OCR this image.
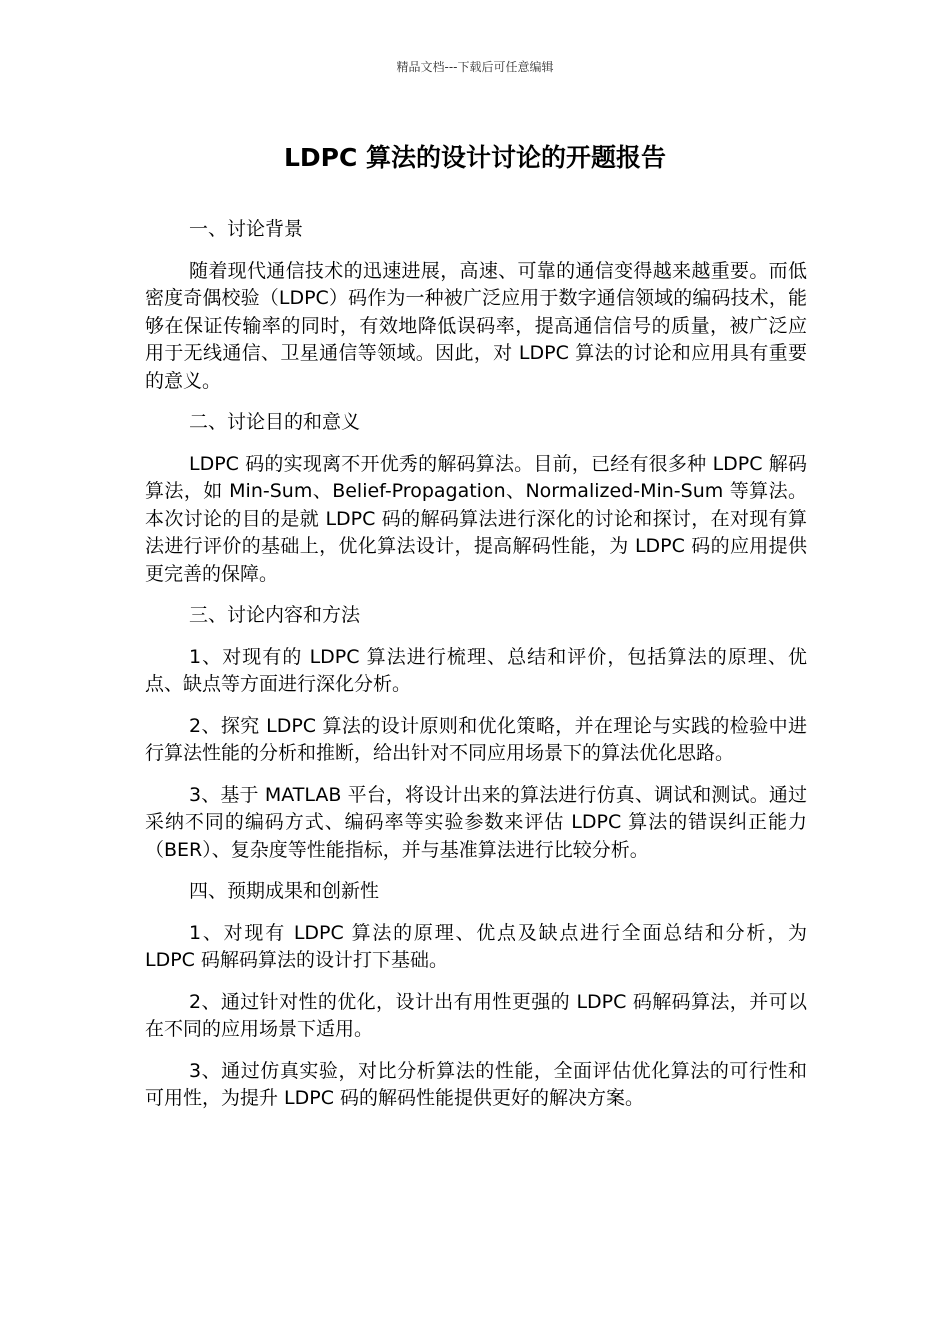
精品文档---下载后可任意编辑
LDPC 算法的设计讨论的开题报告

一、讨论背景

随着现代通信技术的迅速进展，高速、可靠的通信变得越来越重要。而低密度奇偶校验（LDPC）码作为一种被广泛应用于数字通信领域的编码技术，能够在保证传输率的同时，有效地降低误码率，提高通信信号的质量，被广泛应用于无线通信、卫星通信等领域。因此，对 LDPC 算法的讨论和应用具有重要的意义。

二、讨论目的和意义

LDPC 码的实现离不开优秀的解码算法。目前，已经有很多种 LDPC 解码算法，如 Min-Sum、Belief-Propagation、Normalized-Min-Sum 等算法。本次讨论的目的是就 LDPC 码的解码算法进行深化的讨论和探讨，在对现有算法进行评价的基础上，优化算法设计，提高解码性能，为 LDPC 码的应用提供更完善的保障。

三、讨论内容和方法

1、对现有的 LDPC 算法进行梳理、总结和评价，包括算法的原理、优点、缺点等方面进行深化分析。

2、探究 LDPC 算法的设计原则和优化策略，并在理论与实践的检验中进行算法性能的分析和推断，给出针对不同应用场景下的算法优化思路。

3、基于 MATLAB 平台，将设计出来的算法进行仿真、调试和测试。通过采纳不同的编码方式、编码率等实验参数来评估 LDPC 算法的错误纠正能力（BER）、复杂度等性能指标，并与基准算法进行比较分析。

四、预期成果和创新性

1、对现有 LDPC 算法的原理、优点及缺点进行全面总结和分析，为 LDPC 码解码算法的设计打下基础。

2、通过针对性的优化，设计出有用性更强的 LDPC 码解码算法，并可以在不同的应用场景下适用。

3、通过仿真实验，对比分析算法的性能，全面评估优化算法的可行性和可用性，为提升 LDPC 码的解码性能提供更好的解决方案。
